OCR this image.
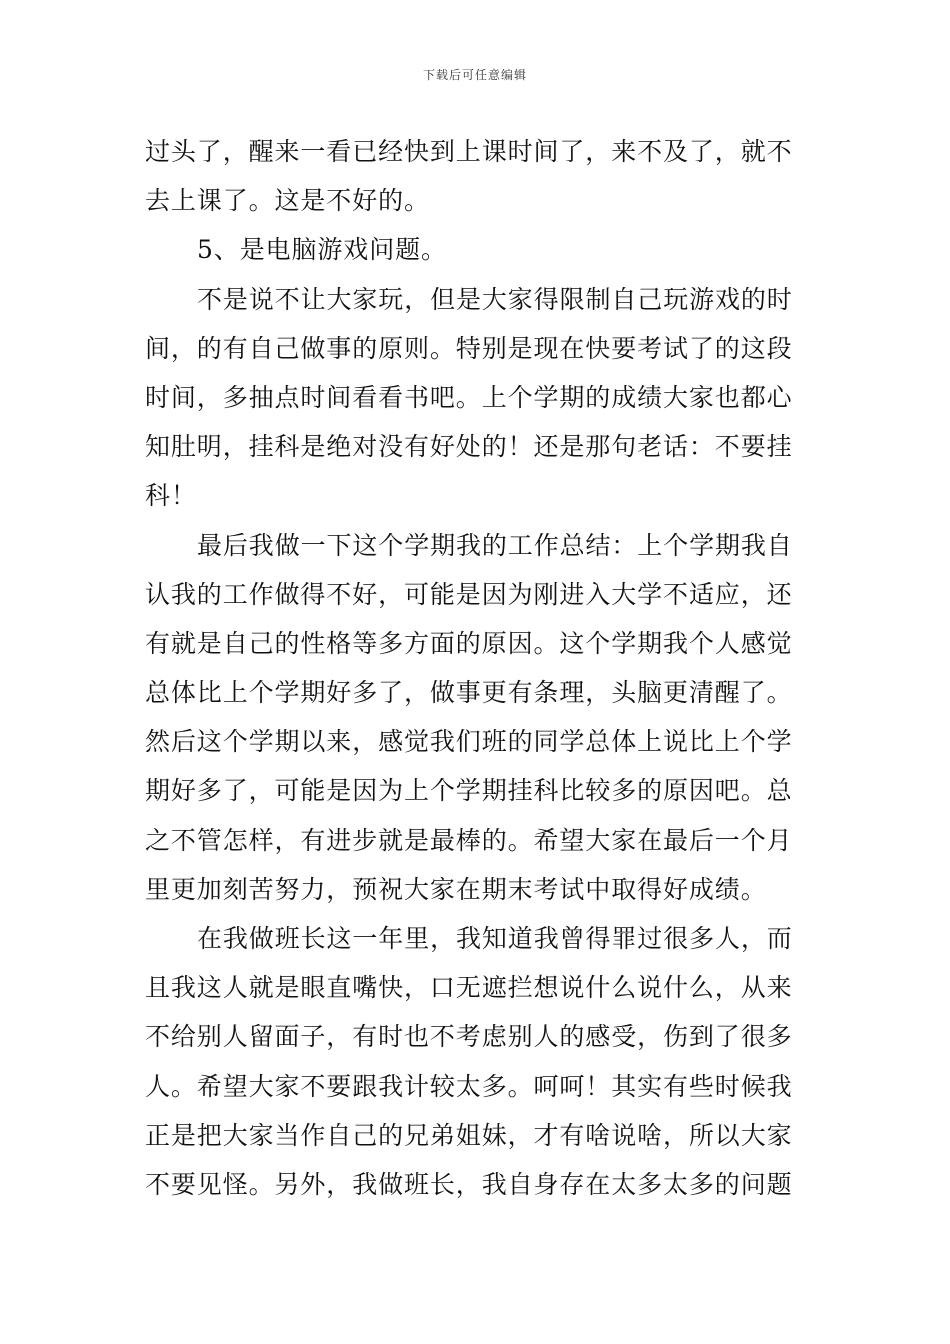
下载后可任意编辑
过头了，醒来一看已经快到上课时间了，来不及了，就不
去上课了。这是不好的。
5、是电脑游戏问题。
不是说不让大家玩，但是大家得限制自己玩游戏的时
间，的有自己做事的原则。特别是现在快要考试了的这段
时间，多抽点时间看看书吧。上个学期的成绩大家也都心
知肚明，挂科是绝对没有好处的！还是那句老话：不要挂
科！
最后我做一下这个学期我的工作总结：上个学期我自
认我的工作做得不好，可能是因为刚进入大学不适应，还
有就是自己的性格等多方面的原因。这个学期我个人感觉
总体比上个学期好多了，做事更有条理，头脑更清醒了。
然后这个学期以来，感觉我们班的同学总体上说比上个学
期好多了，可能是因为上个学期挂科比较多的原因吧。总
之不管怎样，有进步就是最棒的。希望大家在最后一个月
里更加刻苦努力，预祝大家在期末考试中取得好成绩。
在我做班长这一年里，我知道我曾得罪过很多人，而
且我这人就是眼直嘴快，口无遮拦想说什么说什么，从来
不给别人留面子，有时也不考虑别人的感受，伤到了很多
人。希望大家不要跟我计较太多。呵呵！其实有些时候我
正是把大家当作自己的兄弟姐妹，才有啥说啥，所以大家
不要见怪。另外，我做班长，我自身存在太多太多的问题
